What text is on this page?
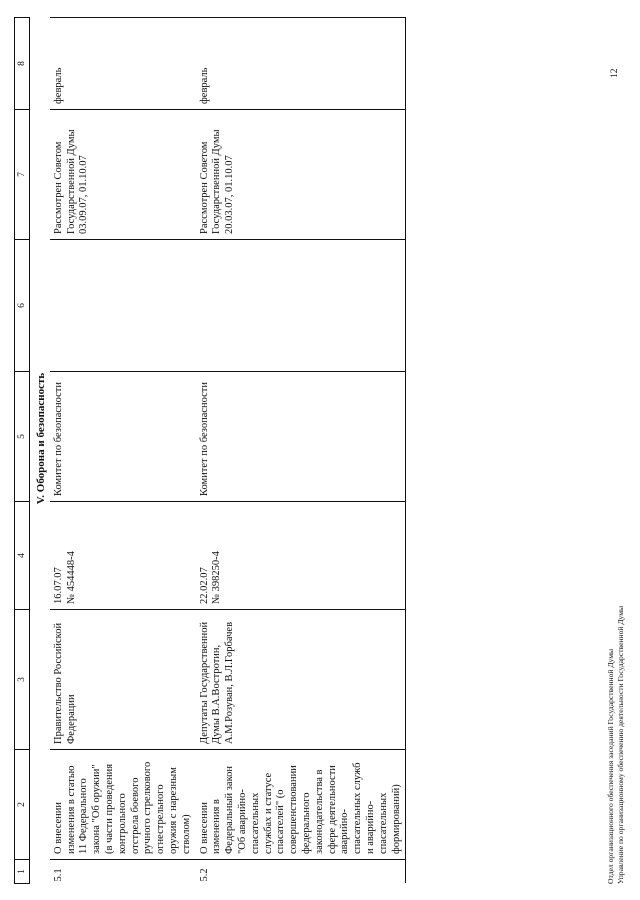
1	2	3	4	5	6	7	8
	V. Оборона и безопасность						
5.1	О внесении изменения в статью 11 Федерального закона "Об оружии" (в части проведения контрольного отстрела боевого ручного стрелкового огнестрельного оружия с нарезным стволом)	Правительство Российской Федерации	16.07.07
№ 454448-4	Комитет по безопасности		Рассмотрен Советом Государственной Думы 03.09.07, 01.10.07	февраль
5.2	О внесении изменения в Федеральный закон "Об аварийно-спасательных службах и статусе спасателей" (о совершенствовании федерального законодательства в сфере деятельности аварийно-спасательных служб и аварийно-спасательных формирований)	Депутаты Государственной Думы В.А.Востротин, А.М.Розуван, В.Л.Горбачев	22.02.07
№ 398250-4	Комитет по безопасности		Рассмотрен Советом Государственной Думы 20.03.07, 01.10.07	февраль
Отдел организационного обеспечения заседаний Государственной Думы Управление по организационному обеспечению деятельности Государственной Думы
12
